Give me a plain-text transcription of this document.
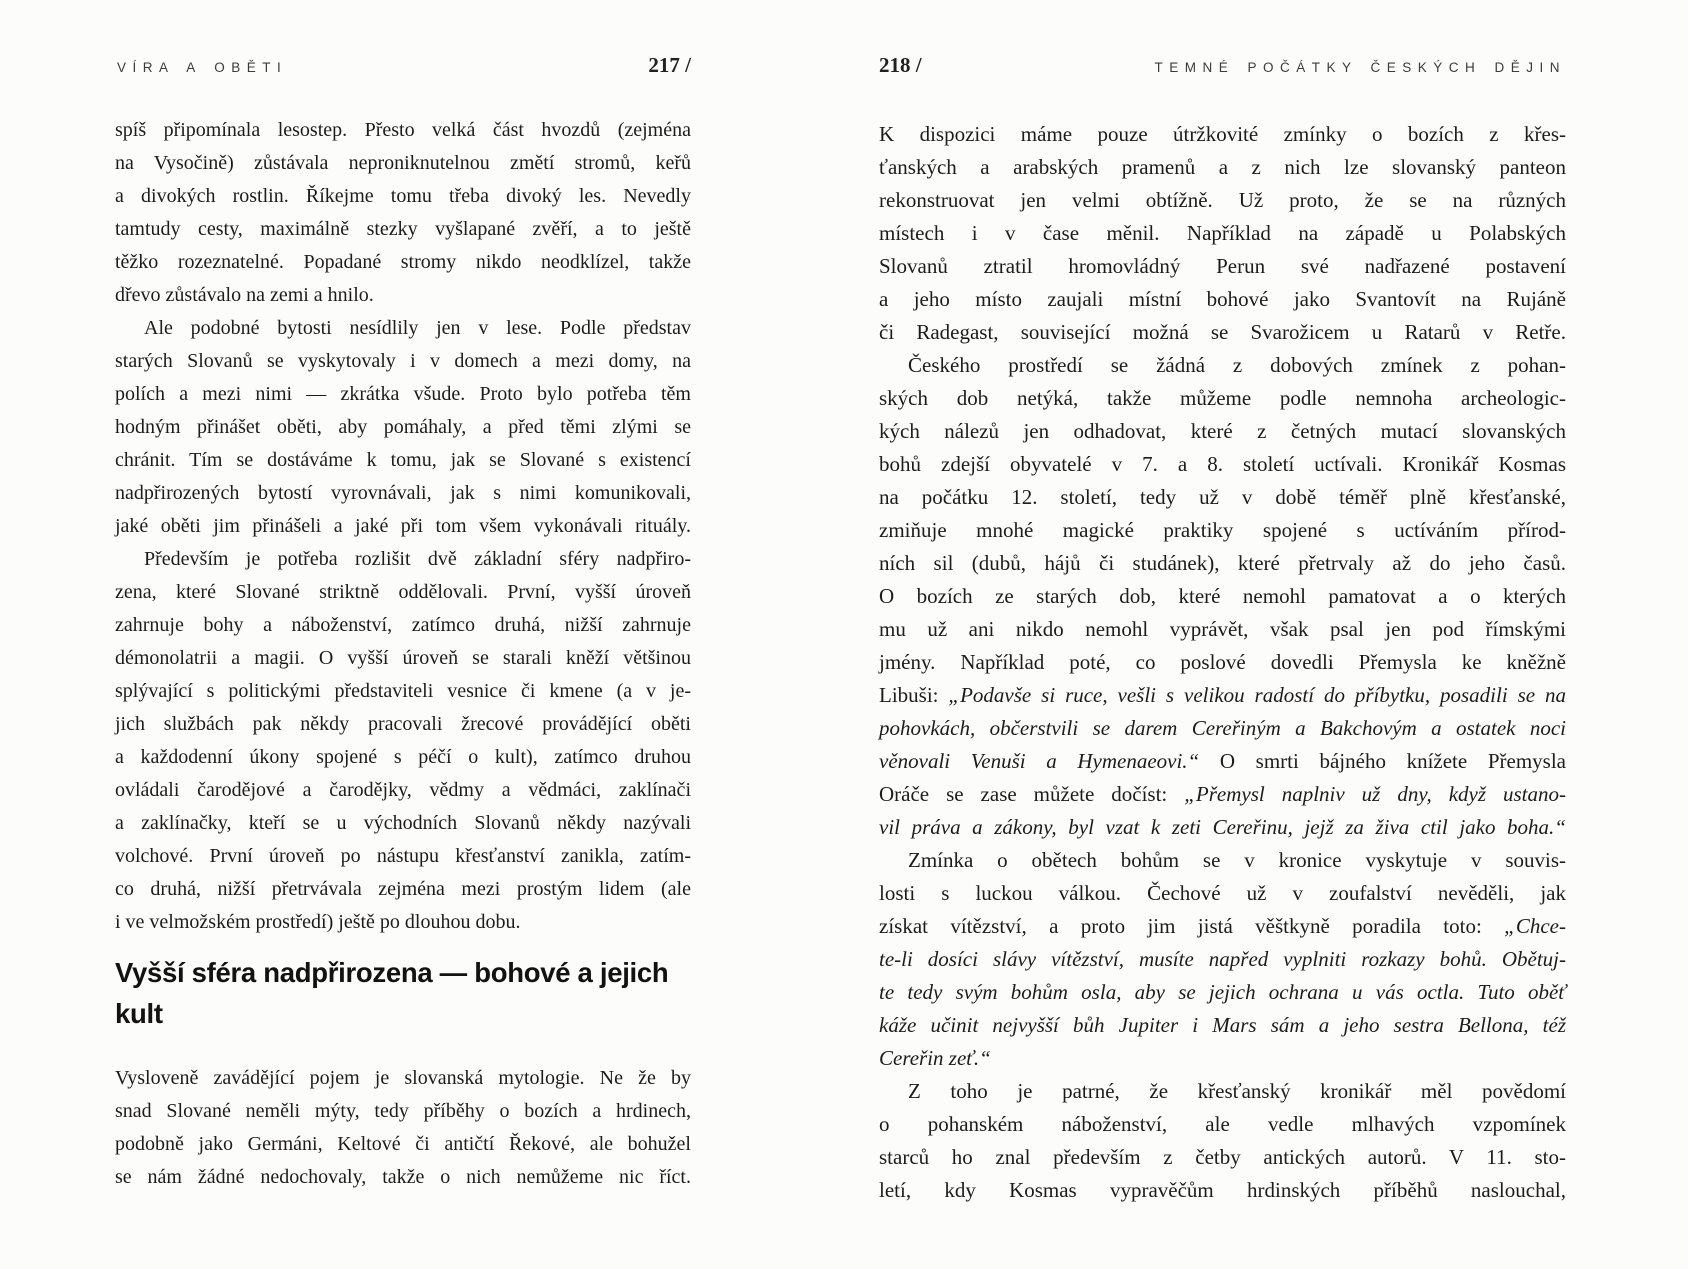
VÍRA A OBĚTI	217 /	218 /	TEMNÉ POČÁTKY ČESKÝCH DĚJIN
spíš připomínala lesostep. Přesto velká část hvozdů (zejména
na Vysočině) zůstávala neproniknutelnou změtí stromů, keřů
a divokých rostlin. Říkejme tomu třeba divoký les. Nevedly
tamtudy cesty, maximálně stezky vyšlapané zvěří, a to ještě
těžko rozeznatelné. Popadané stromy nikdo neodklízel, takže
dřevo zůstávalo na zemi a hnilo.
Ale podobné bytosti nesídlily jen v lese. Podle představ
starých Slovanů se vyskytovaly i v domech a mezi domy, na
polích a mezi nimi — zkrátka všude. Proto bylo potřeba těm
hodným přinášet oběti, aby pomáhaly, a před těmi zlými se
chránit. Tím se dostáváme k tomu, jak se Slované s existencí
nadpřirozených bytostí vyrovnávali, jak s nimi komunikovali,
jaké oběti jim přinášeli a jaké při tom všem vykonávali rituály.
Především je potřeba rozlišit dvě základní sféry nadpřiro-
zena, které Slované striktně oddělovali. První, vyšší úroveň
zahrnuje bohy a náboženství, zatímco druhá, nižší zahrnuje
démonolatrii a magii. O vyšší úroveň se starali kněží většinou
splývající s politickými představiteli vesnice či kmene (a v je-
jich službách pak někdy pracovali žrecové provádějící oběti
a každodenní úkony spojené s péčí o kult), zatímco druhou
ovládali čarodějové a čarodějky, vědmy a vědmáci, zaklínači
a zaklínačky, kteří se u východních Slovanů někdy nazývali
volchové. První úroveň po nástupu křesťanství zanikla, zatím-
co druhá, nižší přetrvávala zejména mezi prostým lidem (ale
i ve velmožském prostředí) ještě po dlouhou dobu.
Vyšší sféra nadpřirozena — bohové a jejich kult
Vysloveně zavádějící pojem je slovanská mytologie. Ne že by
snad Slované neměli mýty, tedy příběhy o bozích a hrdinech,
podobně jako Germáni, Keltové či antičtí Řekové, ale bohužel
se nám žádné nedochovaly, takže o nich nemůžeme nic říct.
K dispozici máme pouze útržkovité zmínky o bozích z křes-
ťanských a arabských pramenů a z nich lze slovanský panteon
rekonstruovat jen velmi obtížně. Už proto, že se na různých
místech i v čase měnil. Například na západě u Polabských
Slovanů ztratil hromovládný Perun své nadřazené postavení
a jeho místo zaujali místní bohové jako Svantovít na Rujáně
či Radegast, související možná se Svarožicem u Ratarů v Retře.
Českého prostředí se žádná z dobových zmínek z pohan-
ských dob netýká, takže můžeme podle nemnoha archeologic-
kých nálezů jen odhadovat, které z četných mutací slovanských
bohů zdejší obyvatelé v 7. a 8. století uctívali. Kronikář Kosmas
na počátku 12. století, tedy už v době téměř plně křesťanské,
zmiňuje mnohé magické praktiky spojené s uctíváním přírod-
ních sil (dubů, hájů či studánek), které přetrvaly až do jeho časů.
O bozích ze starých dob, které nemohl pamatovat a o kterých
mu už ani nikdo nemohl vyprávět, však psal jen pod římskými
jmény. Například poté, co poslové dovedli Přemysla ke kněžně
Libuši: „Podavše si ruce, vešli s velikou radostí do příbytku, posadili se na
pohovkách, občerstvili se darem Cereřiným a Bakchovým a ostatek noci
věnovali Venuši a Hymenaeovi.“ O smrti bájného knížete Přemysla
Oráče se zase můžete dočíst: „Přemysl naplniv už dny, když ustano-
vil práva a zákony, byl vzat k zeti Cereřinu, jejž za živa ctil jako boha.“
Zmínka o obětech bohům se v kronice vyskytuje v souvis-
losti s luckou válkou. Čechové už v zoufalství nevěděli, jak
získat vítězství, a proto jim jistá věštkyně poradila toto: „Chce-
te-li dosíci slávy vítězství, musíte napřed vyplniti rozkazy bohů. Obětuj-
te tedy svým bohům osla, aby se jejich ochrana u vás octla. Tuto oběť
káže učinit nejvyšší bůh Jupiter i Mars sám a jeho sestra Bellona, též
Cereřin zeť.“
Z toho je patrné, že křesťanský kronikář měl povědomí
o pohanském náboženství, ale vedle mlhavých vzpomínek
starců ho znal především z četby antických autorů. V 11. sto-
letí, kdy Kosmas vypravěčům hrdinských příběhů naslouchal,
